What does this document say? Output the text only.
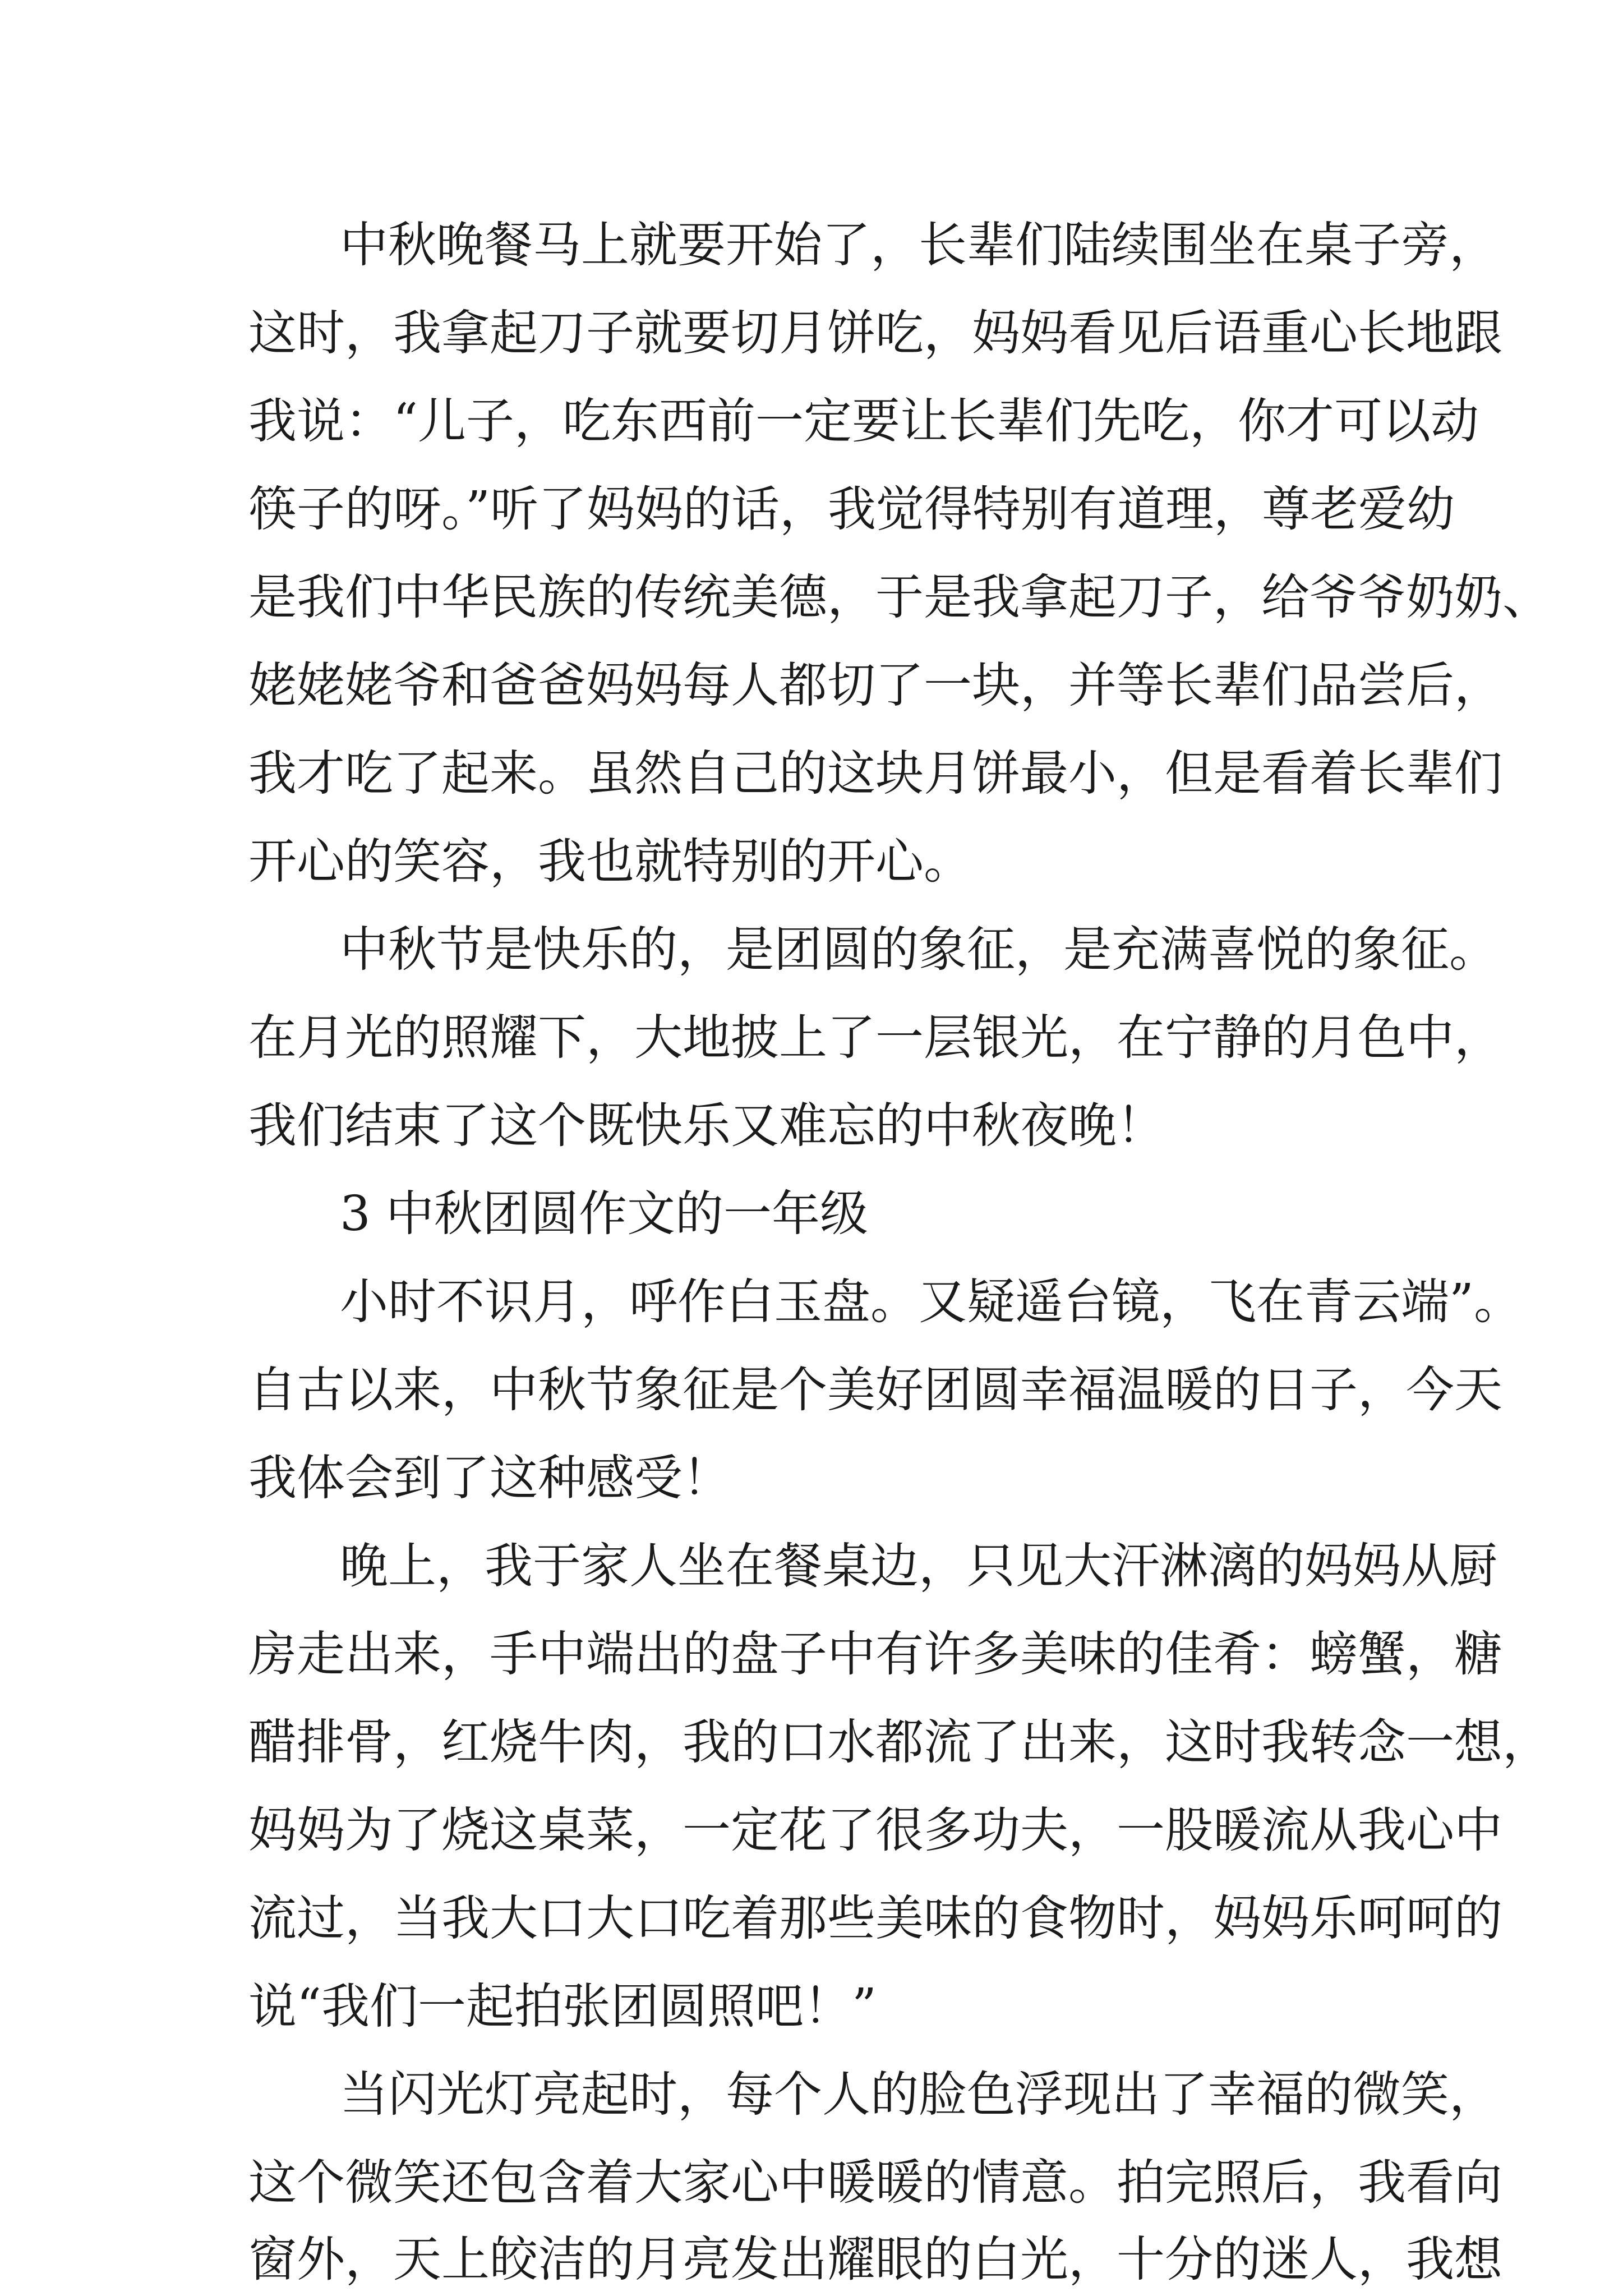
中秋晚餐马上就要开始了，长辈们陆续围坐在桌子旁，
这时，我拿起刀子就要切月饼吃，妈妈看见后语重心长地跟
我说：“儿子，吃东西前一定要让长辈们先吃，你才可以动
筷子的呀。”听了妈妈的话，我觉得特别有道理，尊老爱幼
是我们中华民族的传统美德，于是我拿起刀子，给爷爷奶奶、
姥姥姥爷和爸爸妈妈每人都切了一块，并等长辈们品尝后，
我才吃了起来。虽然自己的这块月饼最小，但是看着长辈们
开心的笑容，我也就特别的开心。
中秋节是快乐的，是团圆的象征，是充满喜悦的象征。
在月光的照耀下，大地披上了一层银光，在宁静的月色中，
我们结束了这个既快乐又难忘的中秋夜晚！
3 中秋团圆作文的一年级
小时不识月，呼作白玉盘。又疑遥台镜，飞在青云端”。
自古以来，中秋节象征是个美好团圆幸福温暖的日子，今天
我体会到了这种感受！
晚上，我于家人坐在餐桌边，只见大汗淋漓的妈妈从厨
房走出来，手中端出的盘子中有许多美味的佳肴：螃蟹，糖
醋排骨，红烧牛肉，我的口水都流了出来，这时我转念一想，
妈妈为了烧这桌菜，一定花了很多功夫，一股暖流从我心中
流过，当我大口大口吃着那些美味的食物时，妈妈乐呵呵的
说“我们一起拍张团圆照吧！”
当闪光灯亮起时，每个人的脸色浮现出了幸福的微笑，
这个微笑还包含着大家心中暖暖的情意。拍完照后，我看向
窗外，天上皎洁的月亮发出耀眼的白光，十分的迷人，我想
